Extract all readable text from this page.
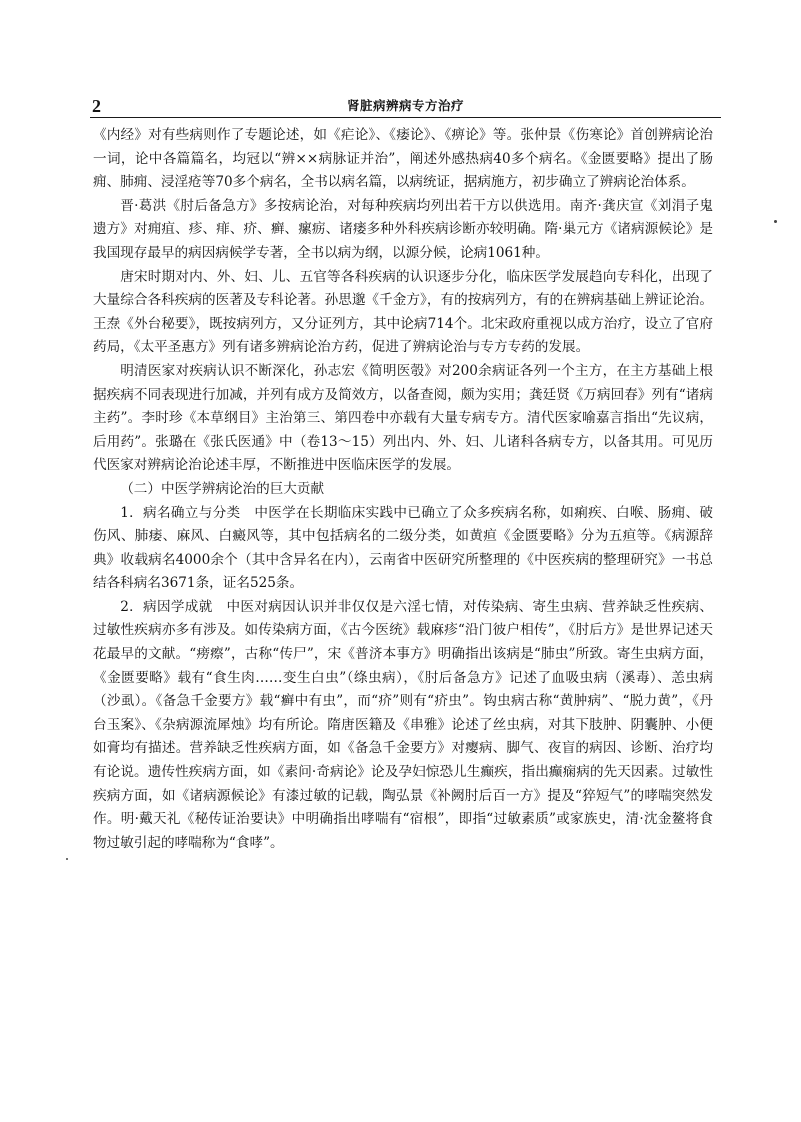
2	肾脏病辨病专方治疗

《内经》对有些病则作了专题论述，如《疟论》、《痿论》、《痹论》等。张仲景《伤寒论》首创辨病论治一词，论中各篇篇名，均冠以“辨××病脉证并治”，阐述外感热病40多个病名。《金匮要略》提出了肠痈、肺痈、浸淫疮等70多个病名，全书以病名篇，以病统证，据病施方，初步确立了辨病论治体系。

晋·葛洪《肘后备急方》多按病论治，对每种疾病均列出若干方以供选用。南齐·龚庆宣《刘涓子鬼遗方》对痈疽、疹、痱、疥、癣、瘰疬、诸瘘多种外科疾病诊断亦较明确。隋·巢元方《诸病源候论》是我国现存最早的病因病候学专著，全书以病为纲，以源分候，论病1061种。

唐宋时期对内、外、妇、儿、五官等各科疾病的认识逐步分化，临床医学发展趋向专科化，出现了大量综合各科疾病的医著及专科论著。孙思邈《千金方》，有的按病列方，有的在辨病基础上辨证论治。王焘《外台秘要》，既按病列方，又分证列方，其中论病714个。北宋政府重视以成方治疗，设立了官府药局，《太平圣惠方》列有诸多辨病论治方药，促进了辨病论治与专方专药的发展。

明清医家对疾病认识不断深化，孙志宏《简明医彀》对200余病证各列一个主方，在主方基础上根据疾病不同表现进行加减，并列有成方及简效方，以备查阅，颇为实用；龚廷贤《万病回春》列有“诸病主药”。李时珍《本草纲目》主治第三、第四卷中亦载有大量专病专方。清代医家喻嘉言指出“先议病，后用药”。张璐在《张氏医通》中（卷13～15）列出内、外、妇、儿诸科各病专方，以备其用。可见历代医家对辨病论治论述丰厚，不断推进中医临床医学的发展。

（二）中医学辨病论治的巨大贡献

1．病名确立与分类　中医学在长期临床实践中已确立了众多疾病名称，如痢疾、白喉、肠痈、破伤风、肺痿、麻风、白癜风等，其中包括病名的二级分类，如黄疸《金匮要略》分为五疸等。《病源辞典》收载病名4000余个（其中含异名在内），云南省中医研究所整理的《中医疾病的整理研究》一书总结各科病名3671条，证名525条。

2．病因学成就　中医对病因认识并非仅仅是六淫七情，对传染病、寄生虫病、营养缺乏性疾病、过敏性疾病亦多有涉及。如传染病方面，《古今医统》载麻疹“沿门彼户相传”，《肘后方》是世界记述天花最早的文献。“痨瘵”，古称“传尸”，宋《普济本事方》明确指出该病是“肺虫”所致。寄生虫病方面，《金匮要略》载有“食生肉……变生白虫”（绦虫病），《肘后备急方》记述了血吸虫病（溪毒）、恙虫病（沙虱）。《备急千金要方》载“癣中有虫”，而“疥”则有“疥虫”。钩虫病古称“黄肿病”、“脱力黄”，《丹台玉案》、《杂病源流犀烛》均有所论。隋唐医籍及《串雅》论述了丝虫病，对其下肢肿、阴囊肿、小便如膏均有描述。营养缺乏性疾病方面，如《备急千金要方》对瘿病、脚气、夜盲的病因、诊断、治疗均有论说。遗传性疾病方面，如《素问·奇病论》论及孕妇惊恐儿生癫疾，指出癫痫病的先天因素。过敏性疾病方面，如《诸病源候论》有漆过敏的记载，陶弘景《补阙肘后百一方》提及“猝短气”的哮喘突然发作。明·戴天礼《秘传证治要诀》中明确指出哮喘有“宿根”，即指“过敏素质”或家族史，清·沈金鳌将食物过敏引起的哮喘称为“食哮”。
